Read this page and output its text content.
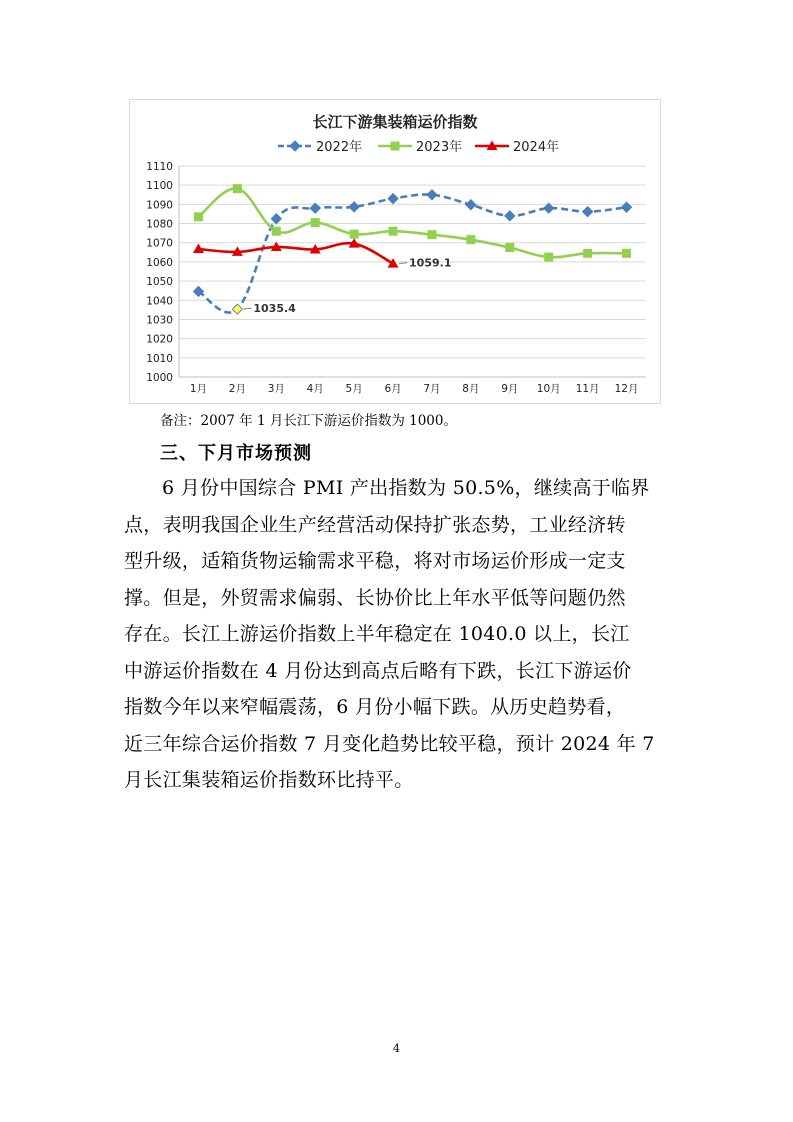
长江下游集装箱运价指数
2022年	2023年	2024年
1000
1010
1020
1030
1040
1050
1060
1070
1080
1090
1100
1110
1月 2月 3月 4月 5月 6月 7月 8月 9月 10月 11月 12月
1035.4
1059.1
备注：2007 年 1 月长江下游运价指数为 1000。
三、下月市场预测
6 月份中国综合 PMI 产出指数为 50.5%，继续高于临界
点，表明我国企业生产经营活动保持扩张态势，工业经济转
型升级，适箱货物运输需求平稳，将对市场运价形成一定支
撑。但是，外贸需求偏弱、长协价比上年水平低等问题仍然
存在。长江上游运价指数上半年稳定在 1040.0 以上，长江
中游运价指数在 4 月份达到高点后略有下跌，长江下游运价
指数今年以来窄幅震荡，6 月份小幅下跌。从历史趋势看，
近三年综合运价指数 7 月变化趋势比较平稳，预计 2024 年 7
月长江集装箱运价指数环比持平。
4
